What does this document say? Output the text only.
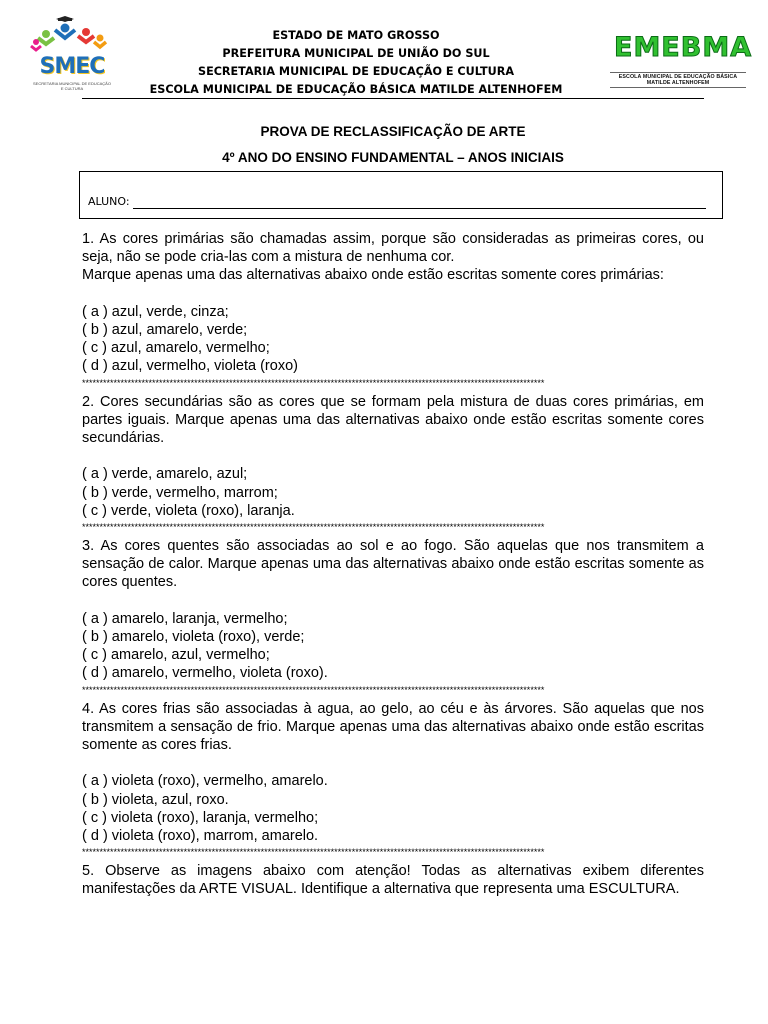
SMEC
SECRETARIA MUNICIPAL DE EDUCAÇÃO E CULTURA
ESTADO DE MATO GROSSO
PREFEITURA MUNICIPAL DE UNIÃO DO SUL
SECRETARIA MUNICIPAL DE EDUCAÇÃO E CULTURA
ESCOLA MUNICIPAL DE EDUCAÇÃO BÁSICA MATILDE ALTENHOFEM
EMEBMA
ESCOLA MUNICIPAL DE EDUCAÇÃO BÁSICA MATILDE ALTENHOFEM
PROVA DE RECLASSIFICAÇÃO DE ARTE
4º ANO DO ENSINO FUNDAMENTAL – ANOS INICIAIS
ALUNO:

1. As cores primárias são chamadas assim, porque são consideradas as primeiras cores, ou seja, não se pode cria-las com a mistura de nenhuma cor.

Marque apenas uma das alternativas abaixo onde estão escritas somente cores primárias:

( a ) azul, verde, cinza;

( b ) azul, amarelo, verde;

( c ) azul, amarelo, vermelho;

( d ) azul, vermelho, violeta (roxo)

************************************************************************************************************************************

2. Cores secundárias são as cores que se formam pela mistura de duas cores primárias, em partes iguais. Marque apenas uma das alternativas abaixo onde estão escritas somente cores secundárias.

( a ) verde, amarelo, azul;

( b ) verde, vermelho, marrom;

( c ) verde, violeta (roxo), laranja.

************************************************************************************************************************************

3. As cores quentes são associadas ao sol e ao fogo. São aquelas que nos transmitem a sensação de calor. Marque apenas uma das alternativas abaixo onde estão escritas somente as cores quentes.

( a ) amarelo, laranja, vermelho;

( b ) amarelo, violeta (roxo), verde;

( c ) amarelo, azul, vermelho;

( d ) amarelo, vermelho, violeta (roxo).

************************************************************************************************************************************

4. As cores frias são associadas à agua, ao gelo, ao céu e às árvores. São aquelas que nos transmitem a sensação de frio. Marque apenas uma das alternativas abaixo onde estão escritas somente as cores frias.

( a ) violeta (roxo), vermelho, amarelo.

( b ) violeta, azul, roxo.

( c ) violeta (roxo), laranja, vermelho;

( d ) violeta (roxo), marrom, amarelo.

************************************************************************************************************************************

5. Observe as imagens abaixo com atenção! Todas as alternativas exibem diferentes manifestações da ARTE VISUAL. Identifique a alternativa que representa uma ESCULTURA.
